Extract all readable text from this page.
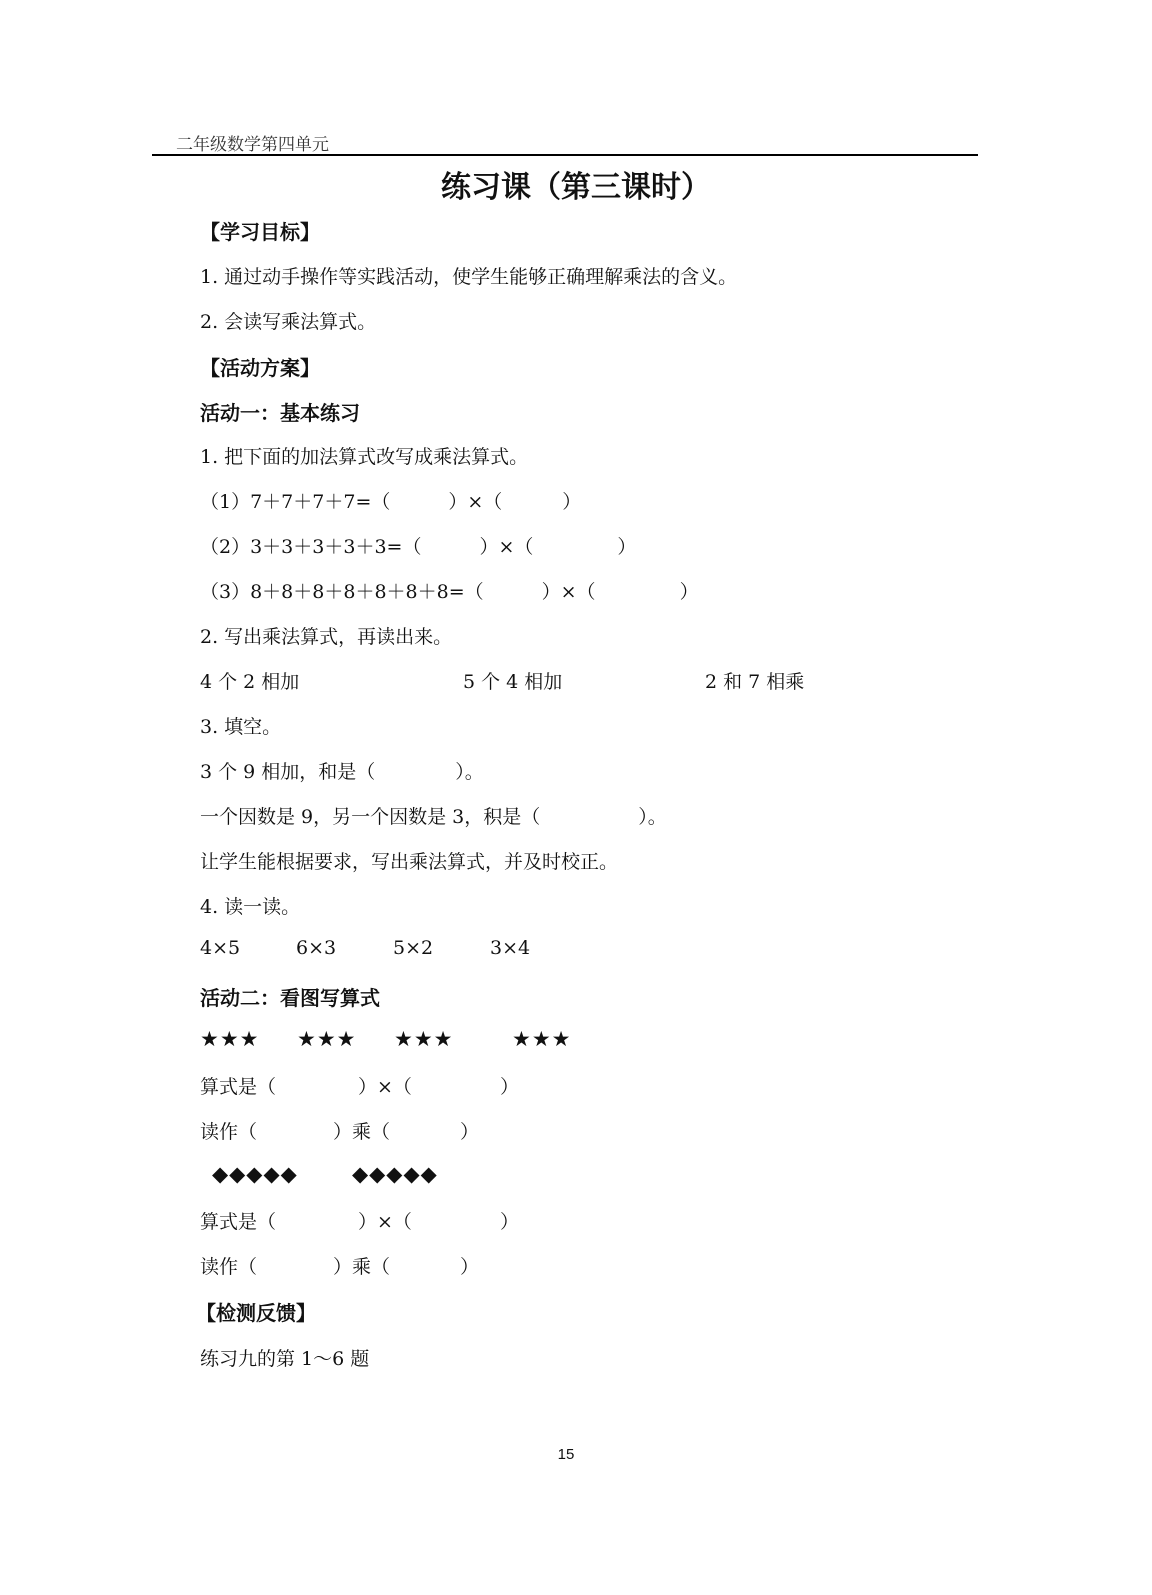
二年级数学第四单元
练习课（第三课时）
【学习目标】
1. 通过动手操作等实践活动，使学生能够正确理解乘法的含义。
2. 会读写乘法算式。
【活动方案】
活动一：基本练习
1. 把下面的加法算式改写成乘法算式。
（1）7＋7＋7＋7=（	）×（	）
（2）3＋3＋3＋3＋3=（	）×（	）
（3）8＋8＋8＋8＋8＋8＋8=（	）×（	）
2. 写出乘法算式，再读出来。
4 个 2 相加	5 个 4 相加	2 和 7 相乘
3. 填空。
3 个 9 相加，和是（	）。
一个因数是 9，另一个因数是 3，积是（	）。
让学生能根据要求，写出乘法算式，并及时校正。
4. 读一读。
4×5	6×3	5×2	3×4
活动二：看图写算式
★★★ ★★★ ★★★	★★★
算式是（	）×（	）
读作（	）乘（	）
◆◆◆◆◆	◆◆◆◆◆
算式是（	）×（	）
读作（	）乘（	）
【检测反馈】
练习九的第 1～6 题
15
